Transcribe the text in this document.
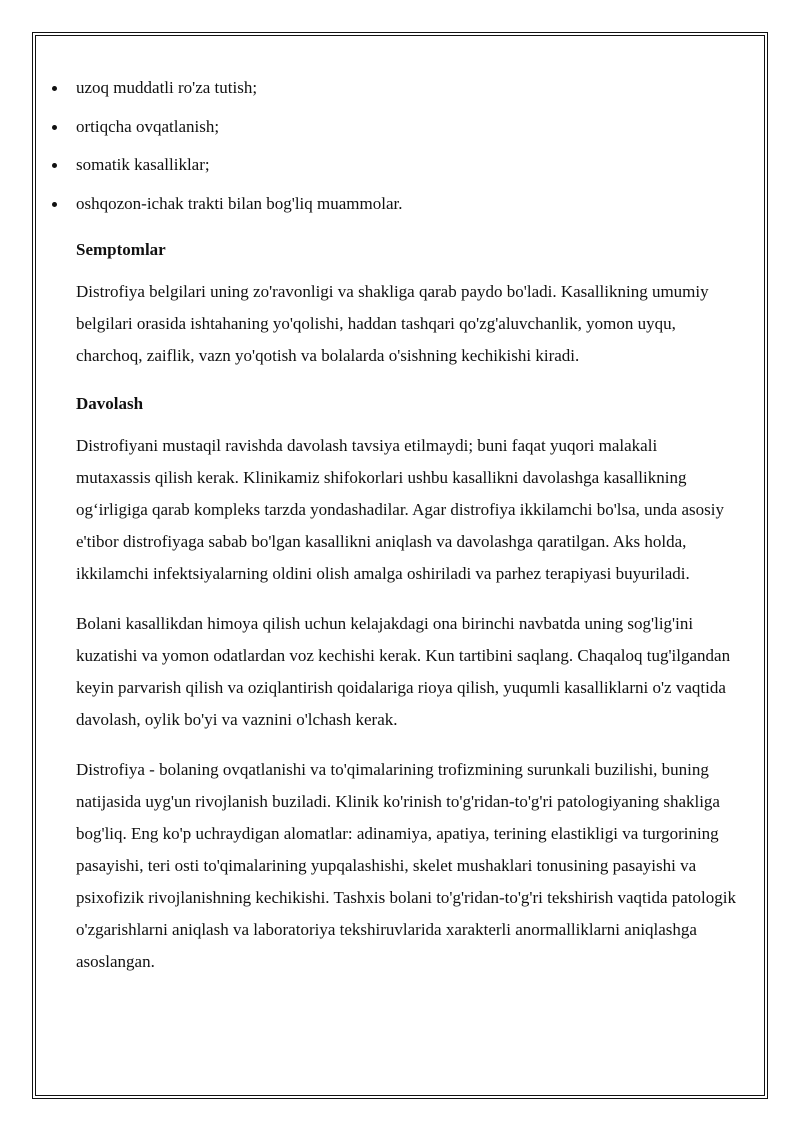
uzoq muddatli ro'za tutish;
ortiqcha ovqatlanish;
somatik kasalliklar;
oshqozon-ichak trakti bilan bog'liq muammolar.
Semptomlar

Distrofiya belgilari uning zo'ravonligi va shakliga qarab paydo bo'ladi. Kasallikning umumiy belgilari orasida ishtahaning yo'qolishi, haddan tashqari qo'zg'aluvchanlik, yomon uyqu, charchoq, zaiflik, vazn yo'qotish va bolalarda o'sishning kechikishi kiradi.

Davolash

Distrofiyani mustaqil ravishda davolash tavsiya etilmaydi; buni faqat yuqori malakali mutaxassis qilish kerak. Klinikamiz shifokorlari ushbu kasallikni davolashga kasallikning og‘irligiga qarab kompleks tarzda yondashadilar. Agar distrofiya ikkilamchi bo'lsa, unda asosiy e'tibor distrofiyaga sabab bo'lgan kasallikni aniqlash va davolashga qaratilgan. Aks holda, ikkilamchi infektsiyalarning oldini olish amalga oshiriladi va parhez terapiyasi buyuriladi.

Bolani kasallikdan himoya qilish uchun kelajakdagi ona birinchi navbatda uning sog'lig'ini kuzatishi va yomon odatlardan voz kechishi kerak. Kun tartibini saqlang. Chaqaloq tug'ilgandan keyin parvarish qilish va oziqlantirish qoidalariga rioya qilish, yuqumli kasalliklarni o'z vaqtida davolash, oylik bo'yi va vaznini o'lchash kerak.

Distrofiya - bolaning ovqatlanishi va to'qimalarining trofizmining surunkali buzilishi, buning natijasida uyg'un rivojlanish buziladi. Klinik ko'rinish to'g'ridan-to'g'ri patologiyaning shakliga bog'liq. Eng ko'p uchraydigan alomatlar: adinamiya, apatiya, terining elastikligi va turgorining pasayishi, teri osti to'qimalarining yupqalashishi, skelet mushaklari tonusining pasayishi va psixofizik rivojlanishning kechikishi. Tashxis bolani to'g'ridan-to'g'ri tekshirish vaqtida patologik o'zgarishlarni aniqlash va laboratoriya tekshiruvlarida xarakterli anormalliklarni aniqlashga asoslangan.
